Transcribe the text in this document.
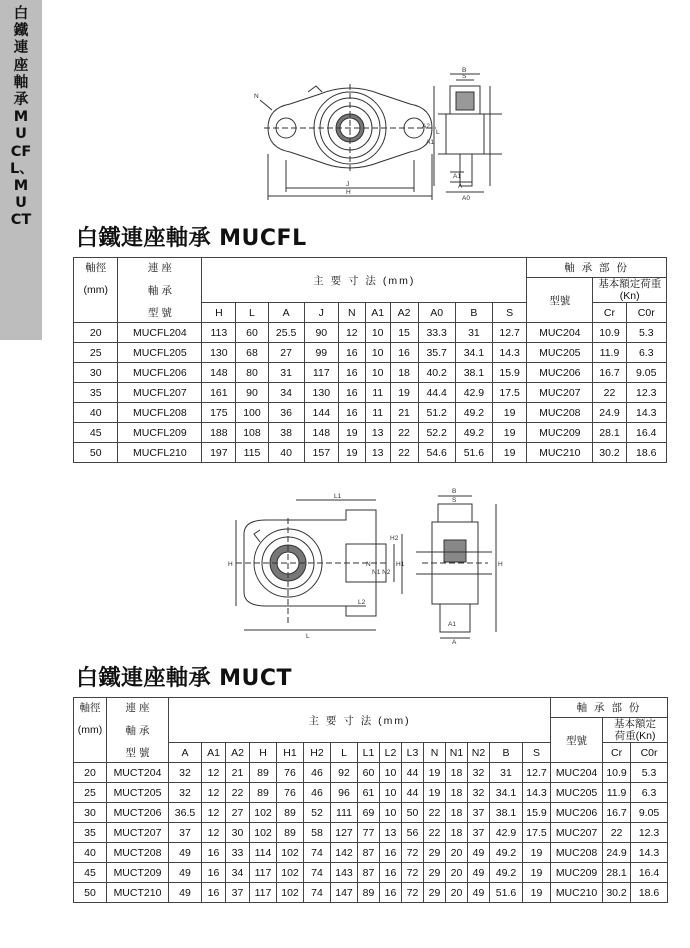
白鐵連座軸承MUCFL、MUCT
N
J
H
A2
A1
B
S
L
A1
A
A0
白鐵連座軸承 MUCFL
軸徑	連 座	主 要 寸 法 (mm)										軸 承 部 份		
(mm)	軸 承											型號	基本額定荷重
(Kn)	

	型 號	H	L	A	J	N	A1	A2	A0	B	S		Cr	C0r
20	MUCFL204	113	60	25.5	90	12	10	15	33.3	31	12.7	MUC204	10.9	5.3
25	MUCFL205	130	68	27	99	16	10	16	35.7	34.1	14.3	MUC205	11.9	6.3
30	MUCFL206	148	80	31	117	16	10	18	40.2	38.1	15.9	MUC206	16.7	9.05
35	MUCFL207	161	90	34	130	16	11	19	44.4	42.9	17.5	MUC207	22	12.3
40	MUCFL208	175	100	36	144	16	11	21	51.2	49.2	19	MUC208	24.9	14.3
45	MUCFL209	188	108	38	148	19	13	22	52.2	49.2	19	MUC209	28.1	16.4
50	MUCFL210	197	115	40	157	19	13	22	54.6	51.6	19	MUC210	30.2	18.6
L1
H
H2
N
N1 N2
H1
L2
L
B
S
H
A1
A
白鐵連座軸承 MUCT
軸徑	連 座	主 要 寸 法 (mm)															軸 承 部 份		
(mm)	軸 承																型號	基本額定
荷重(Kn)	

	型 號	A	A1	A2	H	H1	H2	L	L1	L2	L3	N	N1	N2	B	S		Cr	C0r
20	MUCT204	32	12	21	89	76	46	92	60	10	44	19	18	32	31	12.7	MUC204	10.9	5.3
25	MUCT205	32	12	22	89	76	46	96	61	10	44	19	18	32	34.1	14.3	MUC205	11.9	6.3
30	MUCT206	36.5	12	27	102	89	52	111	69	10	50	22	18	37	38.1	15.9	MUC206	16.7	9.05
35	MUCT207	37	12	30	102	89	58	127	77	13	56	22	18	37	42.9	17.5	MUC207	22	12.3
40	MUCT208	49	16	33	114	102	74	142	87	16	72	29	20	49	49.2	19	MUC208	24.9	14.3
45	MUCT209	49	16	34	117	102	74	143	87	16	72	29	20	49	49.2	19	MUC209	28.1	16.4
50	MUCT210	49	16	37	117	102	74	147	89	16	72	29	20	49	51.6	19	MUC210	30.2	18.6
